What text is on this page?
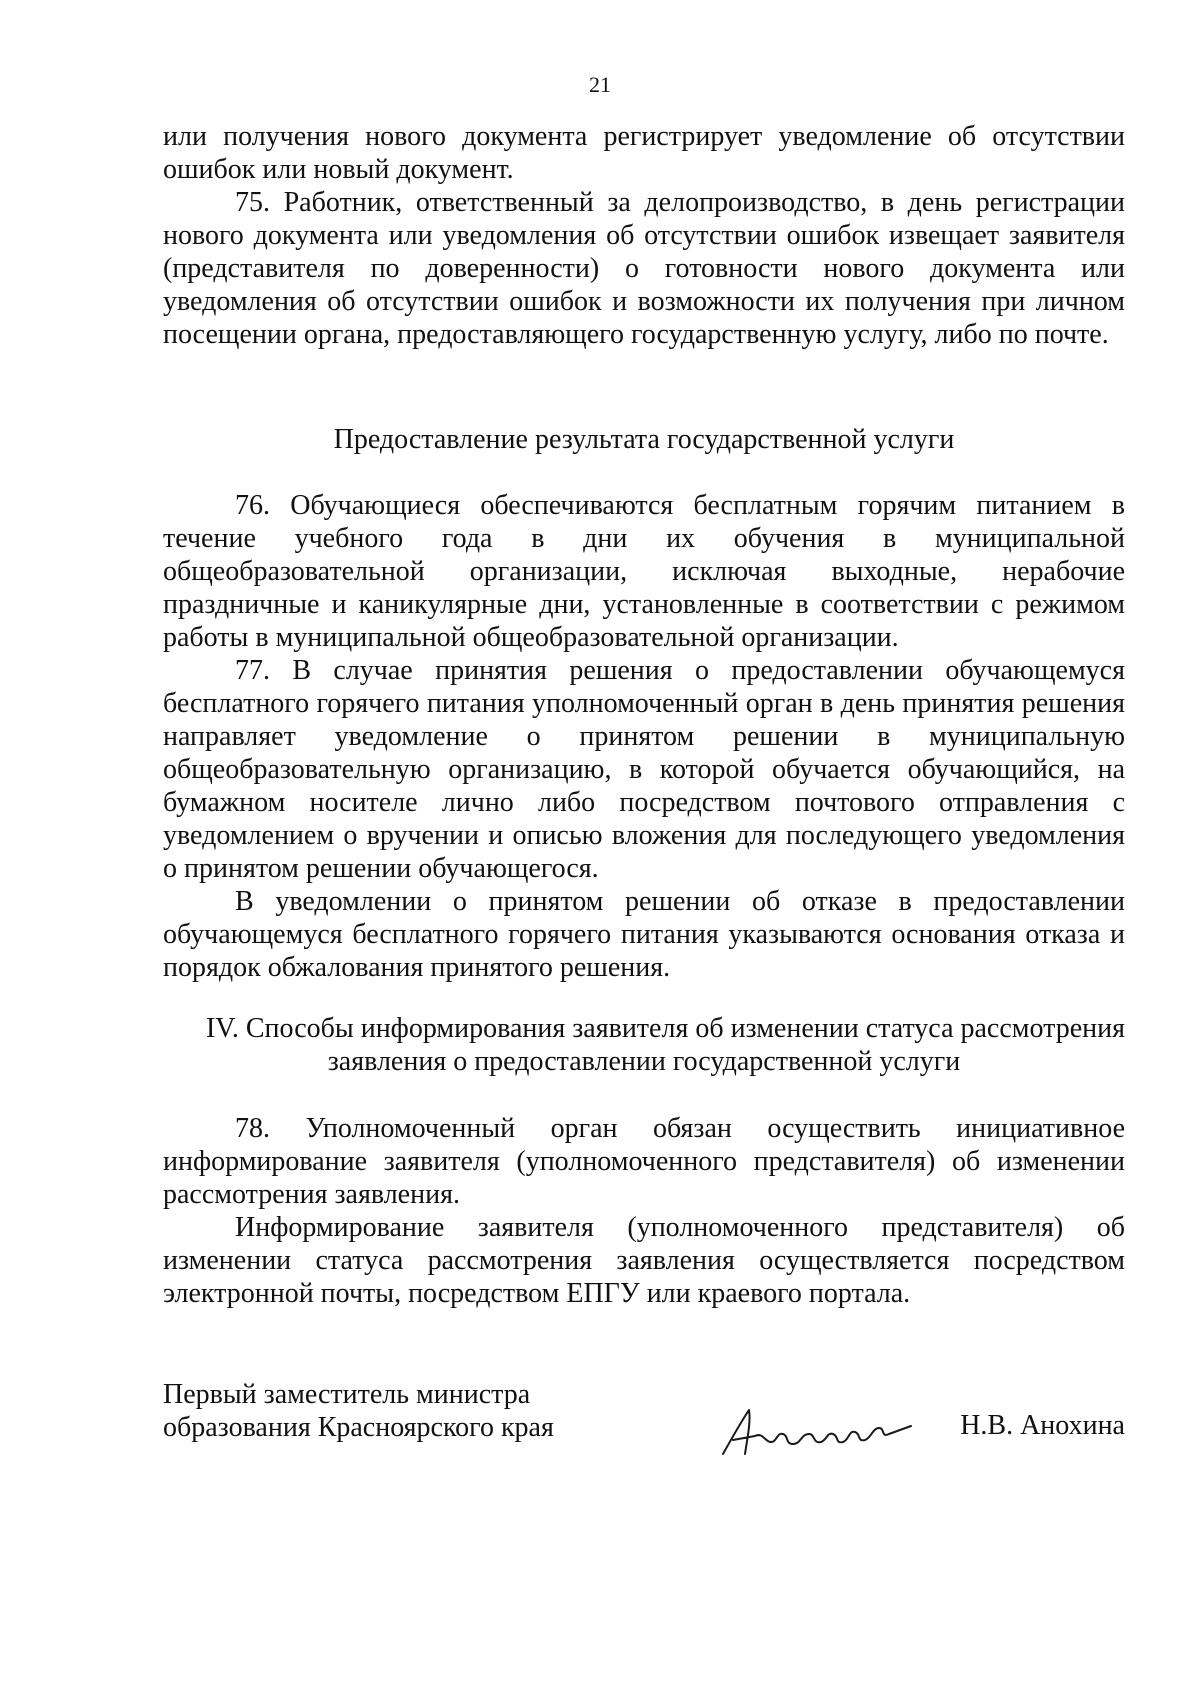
21

или получения нового документа регистрирует уведомление об отсутствии ошибок или новый документ.

75. Работник, ответственный за делопроизводство, в день регистрации нового документа или уведомления об отсутствии ошибок извещает заявителя (представителя по доверенности) о готовности нового документа или уведомления об отсутствии ошибок и возможности их получения при личном посещении органа, предоставляющего государственную услугу, либо по почте.

Предоставление результата государственной услуги

76. Обучающиеся обеспечиваются бесплатным горячим питанием в течение учебного года в дни их обучения в муниципальной общеобразовательной организации, исключая выходные, нерабочие праздничные и каникулярные дни, установленные в соответствии с режимом работы в муниципальной общеобразовательной организации.

77. В случае принятия решения о предоставлении обучающемуся бесплатного горячего питания уполномоченный орган в день принятия решения направляет уведомление о принятом решении в муниципальную общеобразовательную организацию, в которой обучается обучающийся, на бумажном носителе лично либо посредством почтового отправления с уведомлением о вручении и описью вложения для последующего уведомления о принятом решении обучающегося.

В уведомлении о принятом решении об отказе в предоставлении обучающемуся бесплатного горячего питания указываются основания отказа и порядок обжалования принятого решения.

IV. Способы информирования заявителя об изменении статуса рассмотрения
заявления о предоставлении государственной услуги

78. Уполномоченный орган обязан осуществить инициативное информирование заявителя (уполномоченного представителя) об изменении рассмотрения заявления.

Информирование заявителя (уполномоченного представителя) об изменении статуса рассмотрения заявления осуществляется посредством электронной почты, посредством ЕПГУ или краевого портала.

Первый заместитель министра
образования Красноярского края	Н.В. Анохина
